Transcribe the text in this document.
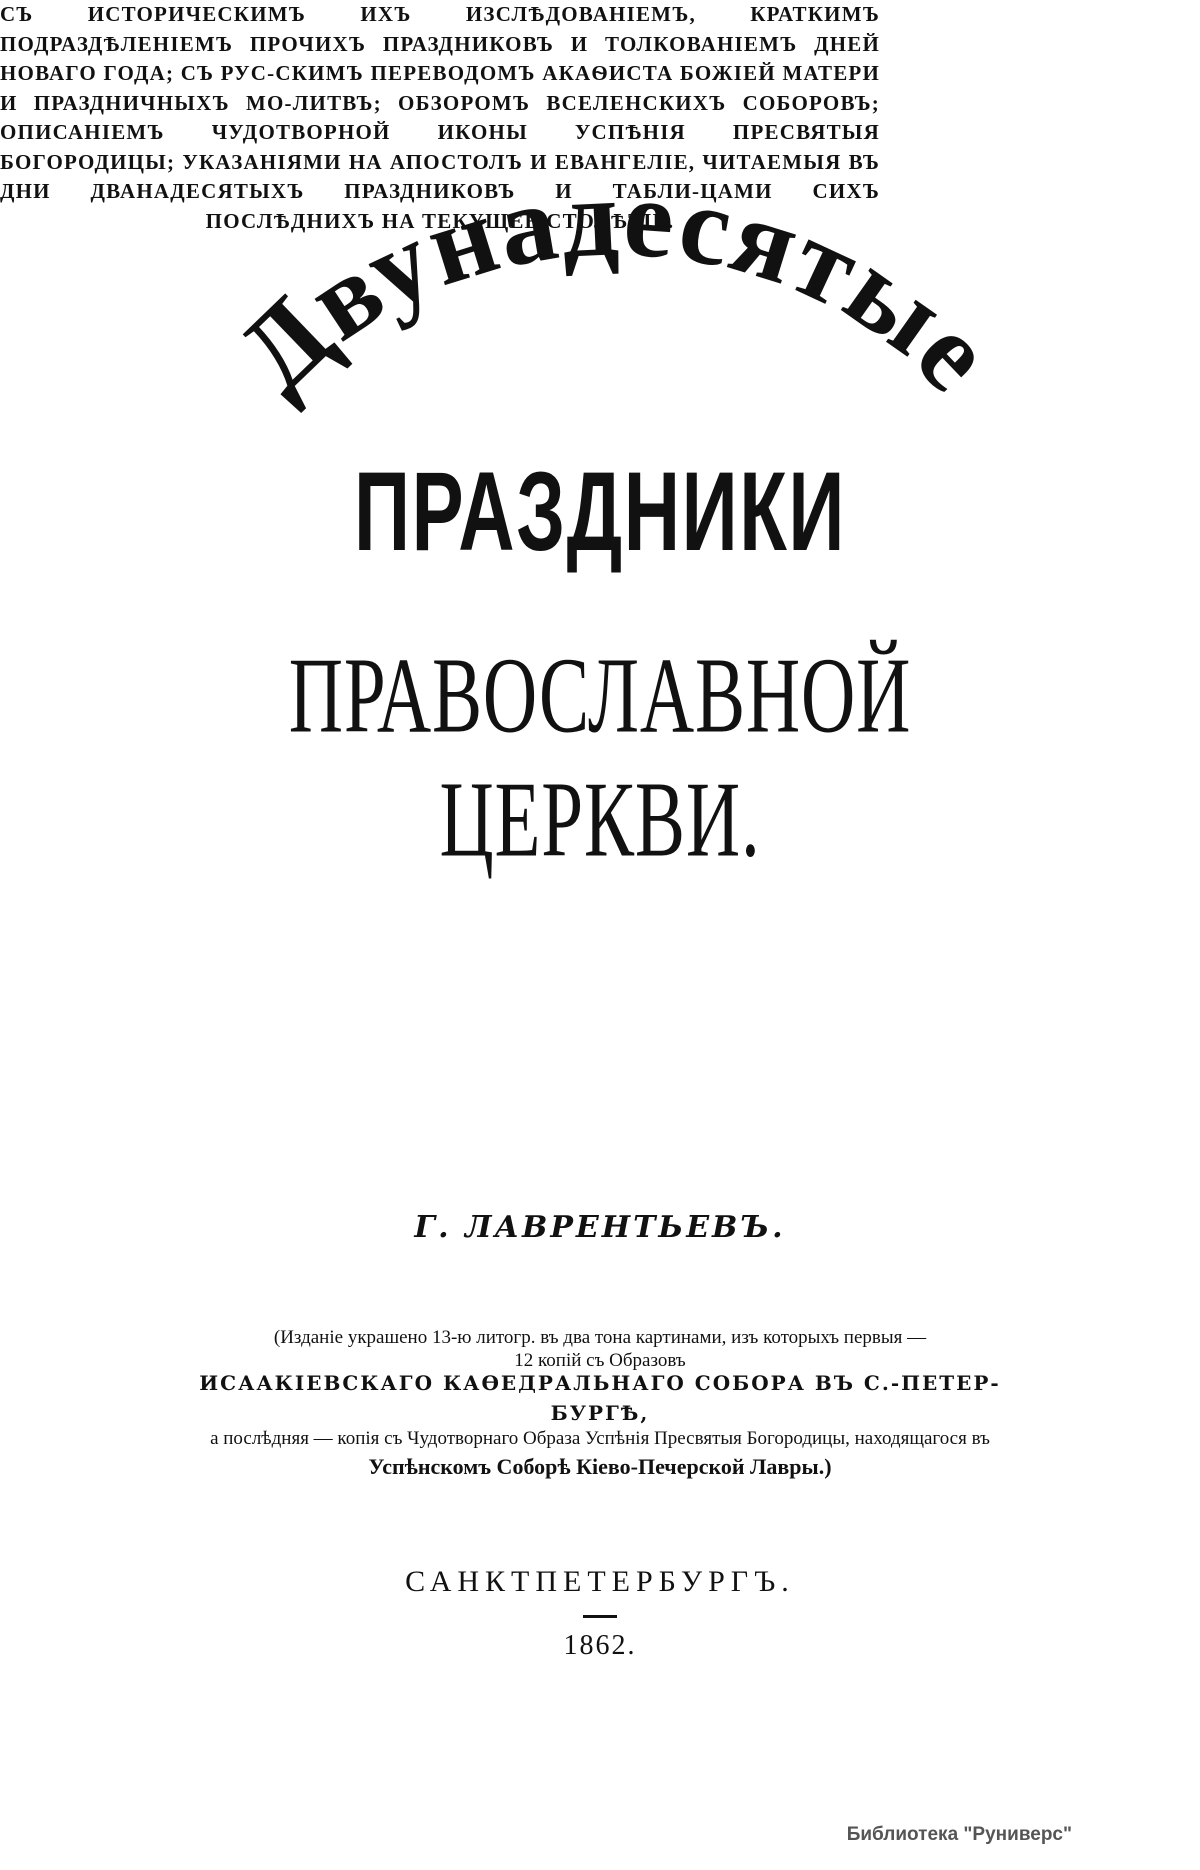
Двунадесятые
ПРАЗДНИКИ
ПРАВОСЛАВНОЙ ЦЕРКВИ.
СЪ ИСТОРИЧЕСКИМЪ ИХЪ ИЗСЛѢДОВАНІЕМЪ, КРАТКИМЪ ПОДРАЗДѢЛЕНІЕМЪ ПРОЧИХЪ ПРАЗДНИКОВЪ И ТОЛКОВАНІЕМЪ ДНЕЙ НОВАГО ГОДА; СЪ РУС-СКИМЪ ПЕРЕВОДОМЪ АКАѲИСТА БОЖІЕЙ МАТЕРИ И ПРАЗДНИЧНЫХЪ МО-ЛИТВЪ; ОБЗОРОМЪ ВСЕЛЕНСКИХЪ СОБОРОВЪ; ОПИСАНІЕМЪ ЧУДОТВОРНОЙ ИКОНЫ УСПѢНІЯ ПРЕСВЯТЫЯ БОГОРОДИЦЫ; УКАЗАНІЯМИ НА АПОСТОЛЪ И ЕВАНГЕЛІЕ, ЧИТАЕМЫЯ ВЪ ДНИ ДВАНАДЕСЯТЫХЪ ПРАЗДНИКОВЪ И ТАБЛИ-ЦАМИ СИХЪ ПОСЛѢДНИХЪ НА ТЕКУЩЕЕ СТОЛѢТІЕ.
Г. ЛАВРЕНТЬЕВЪ.
(Изданіе украшено 13-ю литогр. въ два тона картинами, изъ которыхъ первыя —
12 копій съ Образовъ
ИСААКІЕВСКАГО КАѲЕДРАЛЬНАГО СОБОРА ВЪ С.-ПЕТЕР-
БУРГѢ,
а послѣдняя — копія съ Чудотворнаго Образа Успѣнія Пресвятыя Богородицы, находящагося въ
Успѣнскомъ Соборѣ Кіево-Печерской Лавры.)
САНКТПЕТЕРБУРГЪ.
1862.
Библиотека "Руниверс"
